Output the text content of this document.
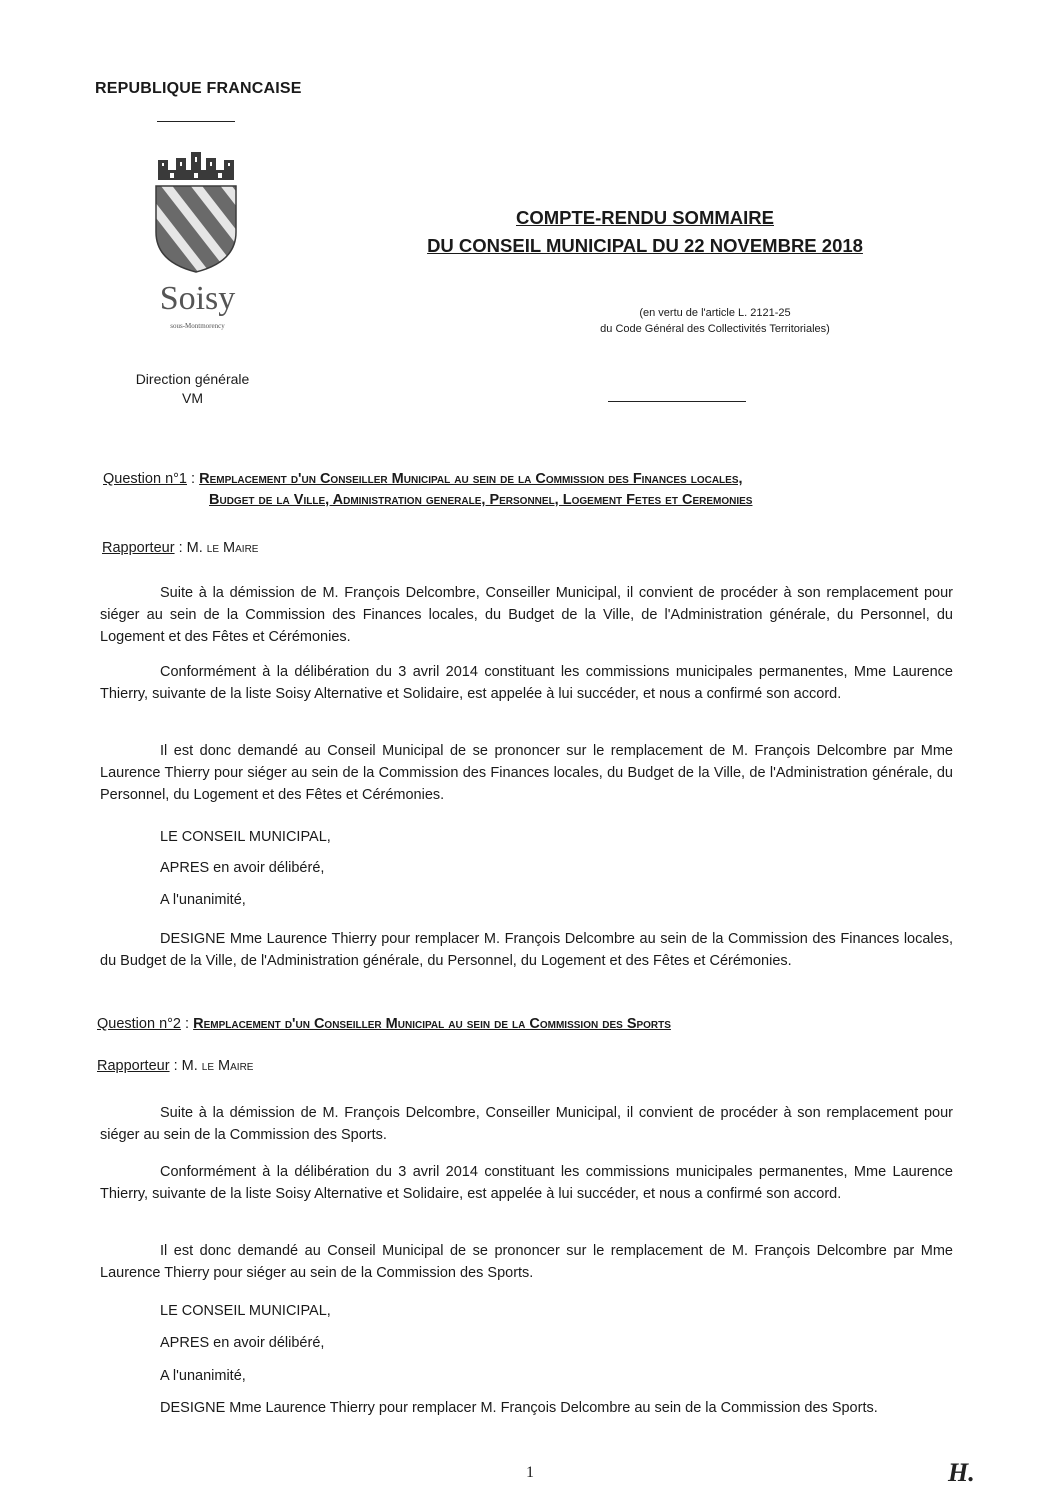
REPUBLIQUE FRANCAISE
Soisy
sous-Montmorency
Direction générale
VM
COMPTE-RENDU SOMMAIRE
DU CONSEIL MUNICIPAL DU 22 NOVEMBRE 2018
(en vertu de l'article L. 2121-25
du Code Général des Collectivités Territoriales)
Question n°1 : Remplacement d'un Conseiller Municipal au sein de la Commission des Finances locales,
Budget de la Ville, Administration generale, Personnel, Logement Fetes et Ceremonies
Rapporteur : M. le Maire
Suite à la démission de M. François Delcombre, Conseiller Municipal, il convient de procéder à son remplacement pour siéger au sein de la Commission des Finances locales, du Budget de la Ville, de l'Administration générale, du Personnel, du Logement et des Fêtes et Cérémonies.
Conformément à la délibération du 3 avril 2014 constituant les commissions municipales permanentes, Mme Laurence Thierry, suivante de la liste Soisy Alternative et Solidaire, est appelée à lui succéder, et nous a confirmé son accord.
Il est donc demandé au Conseil Municipal de se prononcer sur le remplacement de M. François Delcombre par Mme Laurence Thierry pour siéger au sein de la Commission des Finances locales, du Budget de la Ville, de l'Administration générale, du Personnel, du Logement et des Fêtes et Cérémonies.
LE CONSEIL MUNICIPAL,
APRES en avoir délibéré,
A l'unanimité,
DESIGNE Mme Laurence Thierry pour remplacer M. François Delcombre au sein de la Commission des Finances locales, du Budget de la Ville, de l'Administration générale, du Personnel, du Logement et des Fêtes et Cérémonies.
Question n°2 : Remplacement d'un Conseiller Municipal au sein de la Commission des Sports
Rapporteur : M. le Maire
Suite à la démission de M. François Delcombre, Conseiller Municipal, il convient de procéder à son remplacement pour siéger au sein de la Commission des Sports.
Conformément à la délibération du 3 avril 2014 constituant les commissions municipales permanentes, Mme Laurence Thierry, suivante de la liste Soisy Alternative et Solidaire, est appelée à lui succéder, et nous a confirmé son accord.
Il est donc demandé au Conseil Municipal de se prononcer sur le remplacement de M. François Delcombre par Mme Laurence Thierry pour siéger au sein de la Commission des Sports.
LE CONSEIL MUNICIPAL,
APRES en avoir délibéré,
A l'unanimité,
DESIGNE Mme Laurence Thierry pour remplacer M. François Delcombre au sein de la Commission des Sports.
1	H.
